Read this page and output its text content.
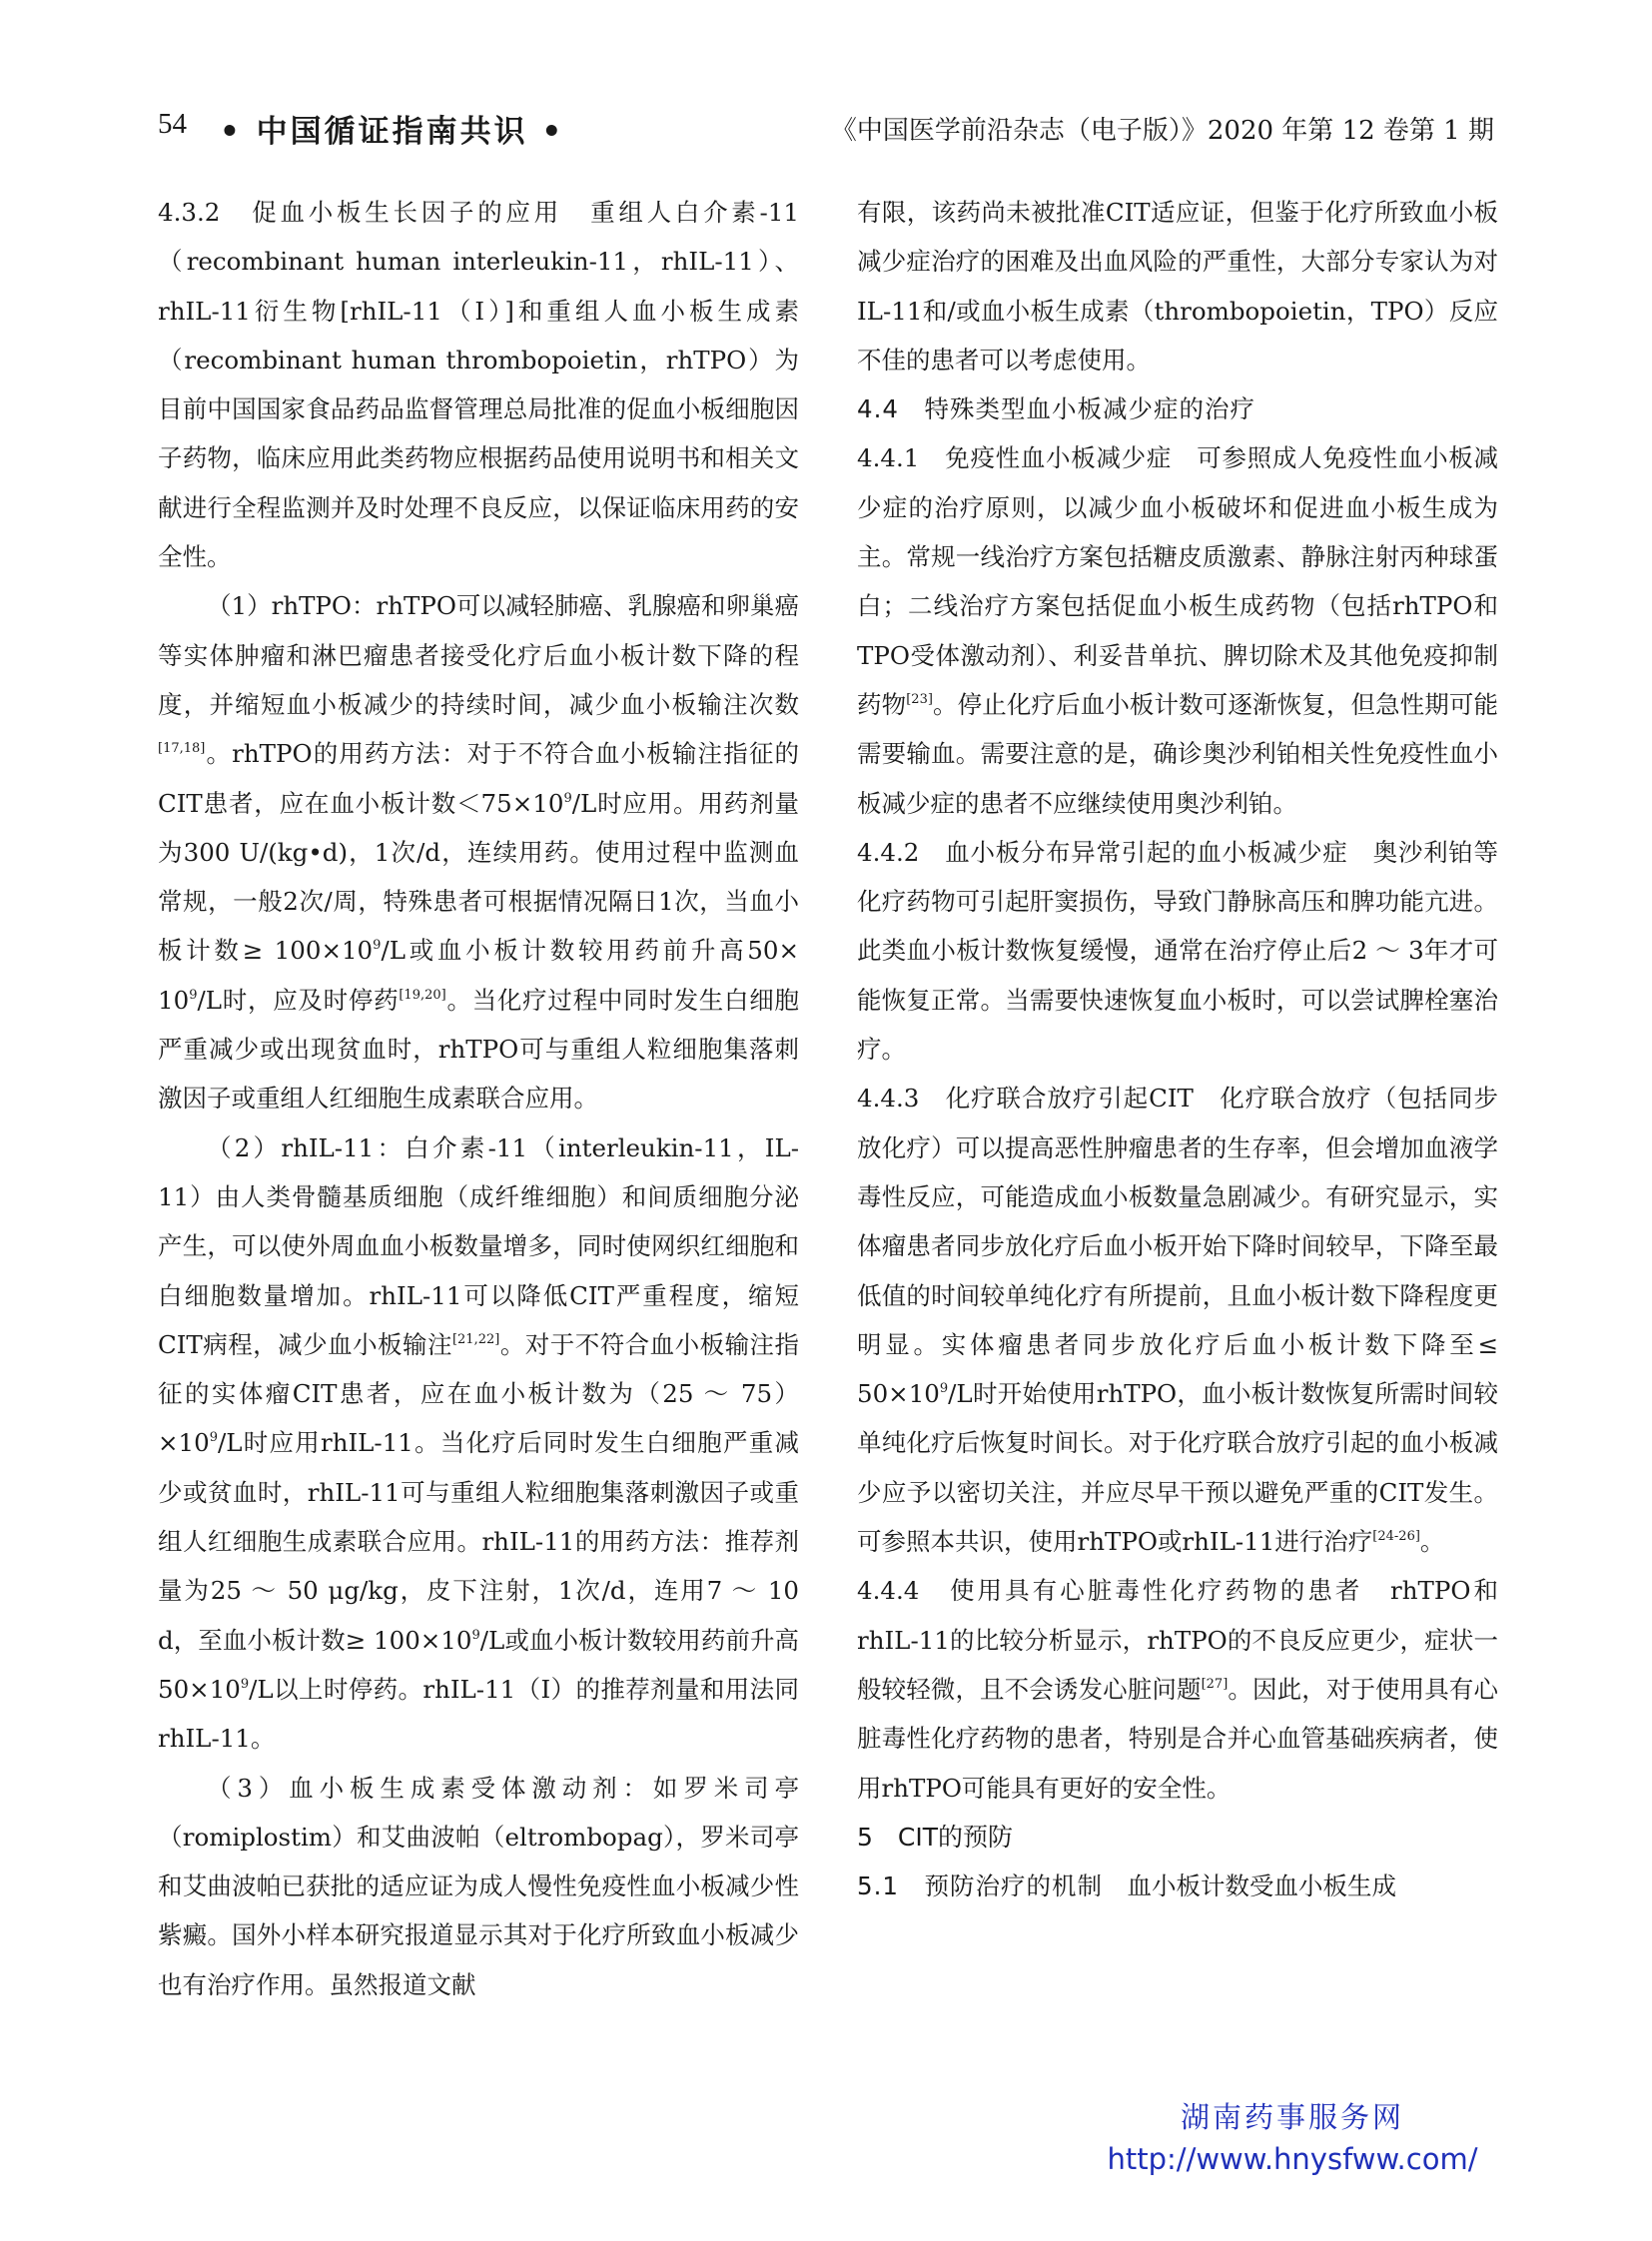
54 • 中国循证指南共识 •	《中国医学前沿杂志（电子版）》2020 年第 12 卷第 1 期

4.3.2　促血小板生长因子的应用　重组人白介素-11（recombinant human interleukin-11，rhIL-11）、rhIL-11衍生物[rhIL-11（Ⅰ）]和重组人血小板生成素（recombinant human thrombopoietin，rhTPO）为目前中国国家食品药品监督管理总局批准的促血小板细胞因子药物，临床应用此类药物应根据药品使用说明书和相关文献进行全程监测并及时处理不良反应，以保证临床用药的安全性。

（1）rhTPO：rhTPO可以减轻肺癌、乳腺癌和卵巢癌等实体肿瘤和淋巴瘤患者接受化疗后血小板计数下降的程度，并缩短血小板减少的持续时间，减少血小板输注次数[17,18]。rhTPO的用药方法：对于不符合血小板输注指征的CIT患者，应在血小板计数$<75\times 10^9/L$时应用。用药剂量为300 U/(kg•d)，1次/d，连续用药。使用过程中监测血常规，一般2次/周，特殊患者可根据情况隔日1次，当血小板计数≥ $100\times 10^9/L$或血小板计数较用药前升高$50\times 10^9/L$时，应及时停药[19,20]。当化疗过程中同时发生白细胞严重减少或出现贫血时，rhTPO可与重组人粒细胞集落刺激因子或重组人红细胞生成素联合应用。

（2）rhIL-11：白介素-11（interleukin-11，IL-11）由人类骨髓基质细胞（成纤维细胞）和间质细胞分泌产生，可以使外周血血小板数量增多，同时使网织红细胞和白细胞数量增加。rhIL-11可以降低CIT严重程度，缩短CIT病程，减少血小板输注[21,22]。对于不符合血小板输注指征的实体瘤CIT患者，应在血小板计数为（25 ～ $75)\times 10^9/L$时应用rhIL-11。当化疗后同时发生白细胞严重减少或贫血时，rhIL-11可与重组人粒细胞集落刺激因子或重组人红细胞生成素联合应用。rhIL-11的用药方法：推荐剂量为25 ～ 50 μg/kg，皮下注射，1次/d，连用7 ～ 10 d，至血小板计数≥ $100\times 10^9/L$或血小板计数较用药前升高$50\times 10^9/L$以上时停药。rhIL-11（Ⅰ）的推荐剂量和用法同rhIL-11。

（3）血小板生成素受体激动剂：如罗米司亭（romiplostim）和艾曲波帕（eltrombopag），罗米司亭和艾曲波帕已获批的适应证为成人慢性免疫性血小板减少性紫癜。国外小样本研究报道显示其对于化疗所致血小板减少也有治疗作用。虽然报道文献

有限，该药尚未被批准CIT适应证，但鉴于化疗所致血小板减少症治疗的困难及出血风险的严重性，大部分专家认为对IL-11和/或血小板生成素（thrombopoietin，TPO）反应不佳的患者可以考虑使用。

4.4　特殊类型血小板减少症的治疗

4.4.1　免疫性血小板减少症　可参照成人免疫性血小板减少症的治疗原则，以减少血小板破坏和促进血小板生成为主。常规一线治疗方案包括糖皮质激素、静脉注射丙种球蛋白；二线治疗方案包括促血小板生成药物（包括rhTPO和TPO受体激动剂）、利妥昔单抗、脾切除术及其他免疫抑制药物[23]。停止化疗后血小板计数可逐渐恢复，但急性期可能需要输血。需要注意的是，确诊奥沙利铂相关性免疫性血小板减少症的患者不应继续使用奥沙利铂。

4.4.2　血小板分布异常引起的血小板减少症　奥沙利铂等化疗药物可引起肝窦损伤，导致门静脉高压和脾功能亢进。此类血小板计数恢复缓慢，通常在治疗停止后2 ～ 3年才可能恢复正常。当需要快速恢复血小板时，可以尝试脾栓塞治疗。

4.4.3　化疗联合放疗引起CIT　化疗联合放疗（包括同步放化疗）可以提高恶性肿瘤患者的生存率，但会增加血液学毒性反应，可能造成血小板数量急剧减少。有研究显示，实体瘤患者同步放化疗后血小板开始下降时间较早，下降至最低值的时间较单纯化疗有所提前，且血小板计数下降程度更明显。实体瘤患者同步放化疗后血小板计数下降至≤ $50\times 10^9/L$时开始使用rhTPO，血小板计数恢复所需时间较单纯化疗后恢复时间长。对于化疗联合放疗引起的血小板减少应予以密切关注，并应尽早干预以避免严重的CIT发生。可参照本共识，使用rhTPO或rhIL-11进行治疗[24-26]。

4.4.4　使用具有心脏毒性化疗药物的患者　rhTPO和rhIL-11的比较分析显示，rhTPO的不良反应更少，症状一般较轻微，且不会诱发心脏问题[27]。因此，对于使用具有心脏毒性化疗药物的患者，特别是合并心血管基础疾病者，使用rhTPO可能具有更好的安全性。

5　CIT的预防

5.1　预防治疗的机制　血小板计数受血小板生成

湖南药事服务网
http://www.hnysfww.com/
